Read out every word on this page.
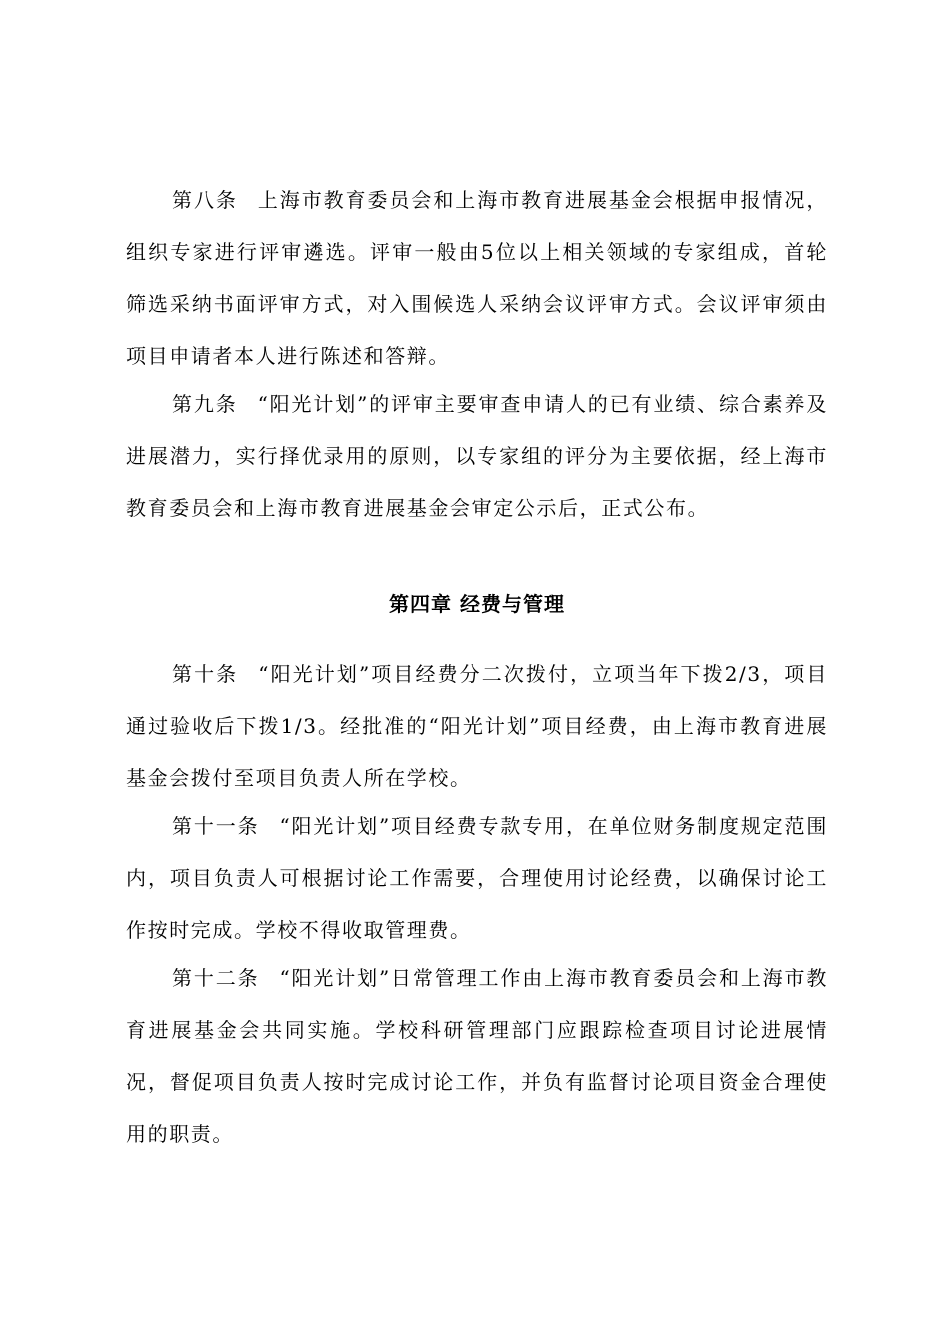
第八条 上海市教育委员会和上海市教育进展基金会根据申报情况，组织专家进行评审遴选。评审一般由5位以上相关领域的专家组成，首轮筛选采纳书面评审方式，对入围候选人采纳会议评审方式。会议评审须由项目申请者本人进行陈述和答辩。

第九条 “阳光计划”的评审主要审查申请人的已有业绩、综合素养及进展潜力，实行择优录用的原则，以专家组的评分为主要依据，经上海市教育委员会和上海市教育进展基金会审定公示后，正式公布。

第四章 经费与管理

第十条 “阳光计划”项目经费分二次拨付，立项当年下拨2/3，项目通过验收后下拨1/3。经批准的“阳光计划”项目经费，由上海市教育进展基金会拨付至项目负责人所在学校。

第十一条 “阳光计划”项目经费专款专用，在单位财务制度规定范围内，项目负责人可根据讨论工作需要，合理使用讨论经费，以确保讨论工作按时完成。学校不得收取管理费。

第十二条 “阳光计划”日常管理工作由上海市教育委员会和上海市教育进展基金会共同实施。学校科研管理部门应跟踪检查项目讨论进展情况，督促项目负责人按时完成讨论工作，并负有监督讨论项目资金合理使用的职责。
